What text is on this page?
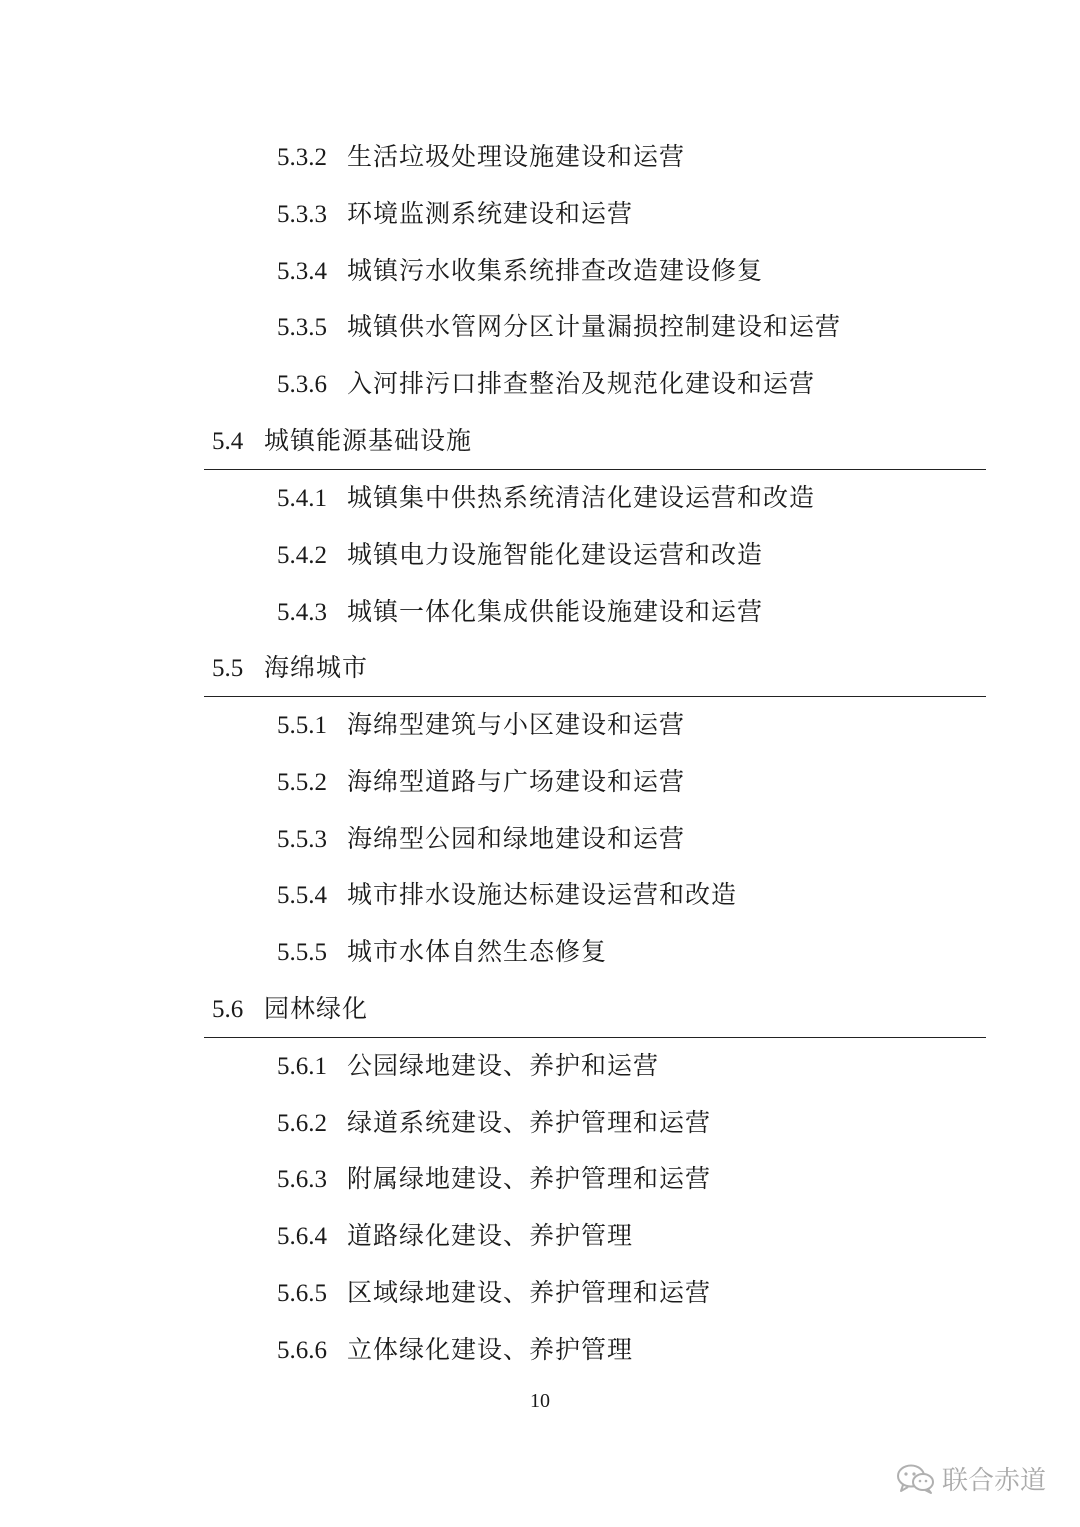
5.3.2 生活垃圾处理设施建设和运营
5.3.3 环境监测系统建设和运营
5.3.4 城镇污水收集系统排查改造建设修复
5.3.5 城镇供水管网分区计量漏损控制建设和运营
5.3.6 入河排污口排查整治及规范化建设和运营
5.4 城镇能源基础设施
5.4.1 城镇集中供热系统清洁化建设运营和改造
5.4.2 城镇电力设施智能化建设运营和改造
5.4.3 城镇一体化集成供能设施建设和运营
5.5 海绵城市
5.5.1 海绵型建筑与小区建设和运营
5.5.2 海绵型道路与广场建设和运营
5.5.3 海绵型公园和绿地建设和运营
5.5.4 城市排水设施达标建设运营和改造
5.5.5 城市水体自然生态修复
5.6 园林绿化
5.6.1 公园绿地建设、养护和运营
5.6.2 绿道系统建设、养护管理和运营
5.6.3 附属绿地建设、养护管理和运营
5.6.4 道路绿化建设、养护管理
5.6.5 区域绿地建设、养护管理和运营
5.6.6 立体绿化建设、养护管理
10
联合赤道
